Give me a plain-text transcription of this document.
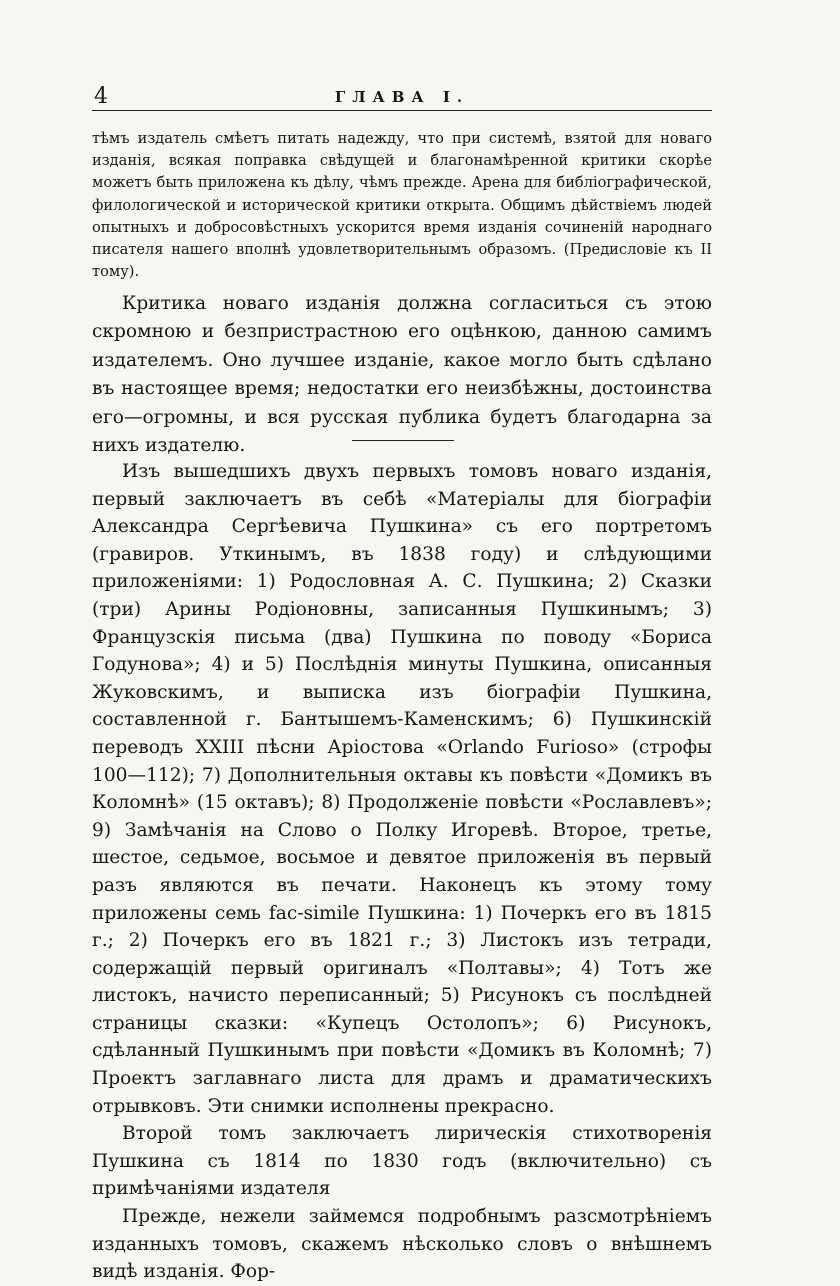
4	ГЛАВА I.
тѣмъ издатель смѣетъ питать надежду, что при системѣ, взятой для новаго изданія, всякая поправка свѣдущей и благонамѣренной критики скорѣе можетъ быть приложена къ дѣлу, чѣмъ прежде. Арена для библіографической, филологической и исторической критики открыта. Общимъ дѣйствіемъ людей опытныхъ и добросовѣстныхъ ускорится время изданія сочиненій народнаго писателя нашего вполнѣ удовлетворительнымъ образомъ. (Предисловіе къ II тому).

Критика новаго изданія должна согласиться съ этою скромною и безпристрастною его оцѣнкою, данною самимъ издателемъ. Оно лучшее изданіе, какое могло быть сдѣлано въ настоящее время; недостатки его неизбѣжны, достоинства его—огромны, и вся русская публика будетъ благодарна за нихъ издателю.

Изъ вышедшихъ двухъ первыхъ томовъ новаго изданія, первый заключаетъ въ себѣ «Матеріалы для біографіи Александра Сергѣевича Пушкина» съ его портретомъ (гравиров. Уткинымъ, въ 1838 году) и слѣдующими приложеніями: 1) Родословная А. С. Пушкина; 2) Сказки (три) Арины Родіоновны, записанныя Пушкинымъ; 3) Французскія письма (два) Пушкина по поводу «Бориса Годунова»; 4) и 5) Послѣднія минуты Пушкина, описанныя Жуковскимъ, и выписка изъ біографіи Пушкина, составленной г. Бантышемъ-Каменскимъ; 6) Пушкинскій переводъ XXIII пѣсни Аріостова «Orlando Furioso» (строфы 100—112); 7) Дополнительныя октавы къ повѣсти «Домикъ въ Коломнѣ» (15 октавъ); 8) Продолженіе повѣсти «Рославлевъ»; 9) Замѣчанія на Слово о Полку Игоревѣ. Второе, третье, шестое, седьмое, восьмое и девятое приложенія въ первый разъ являются въ печати. Наконецъ къ этому тому приложены семь fac-simile Пушкина: 1) Почеркъ его въ 1815 г.; 2) Почеркъ его въ 1821 г.; 3) Листокъ изъ тетради, содержащій первый оригиналъ «Полтавы»; 4) Тотъ же листокъ, начисто переписанный; 5) Рисунокъ съ послѣдней страницы сказки: «Купецъ Остолопъ»; 6) Рисунокъ, сдѣланный Пушкинымъ при повѣсти «Домикъ въ Коломнѣ; 7) Проектъ заглавнаго листа для драмъ и драматическихъ отрывковъ. Эти снимки исполнены прекрасно.

Второй томъ заключаетъ лирическія стихотворенія Пушкина съ 1814 по 1830 годъ (включительно) съ примѣчаніями издателя

Прежде, нежели займемся подробнымъ разсмотрѣніемъ изданныхъ томовъ, скажемъ нѣсколько словъ о внѣшнемъ видѣ изданія. Фор-
